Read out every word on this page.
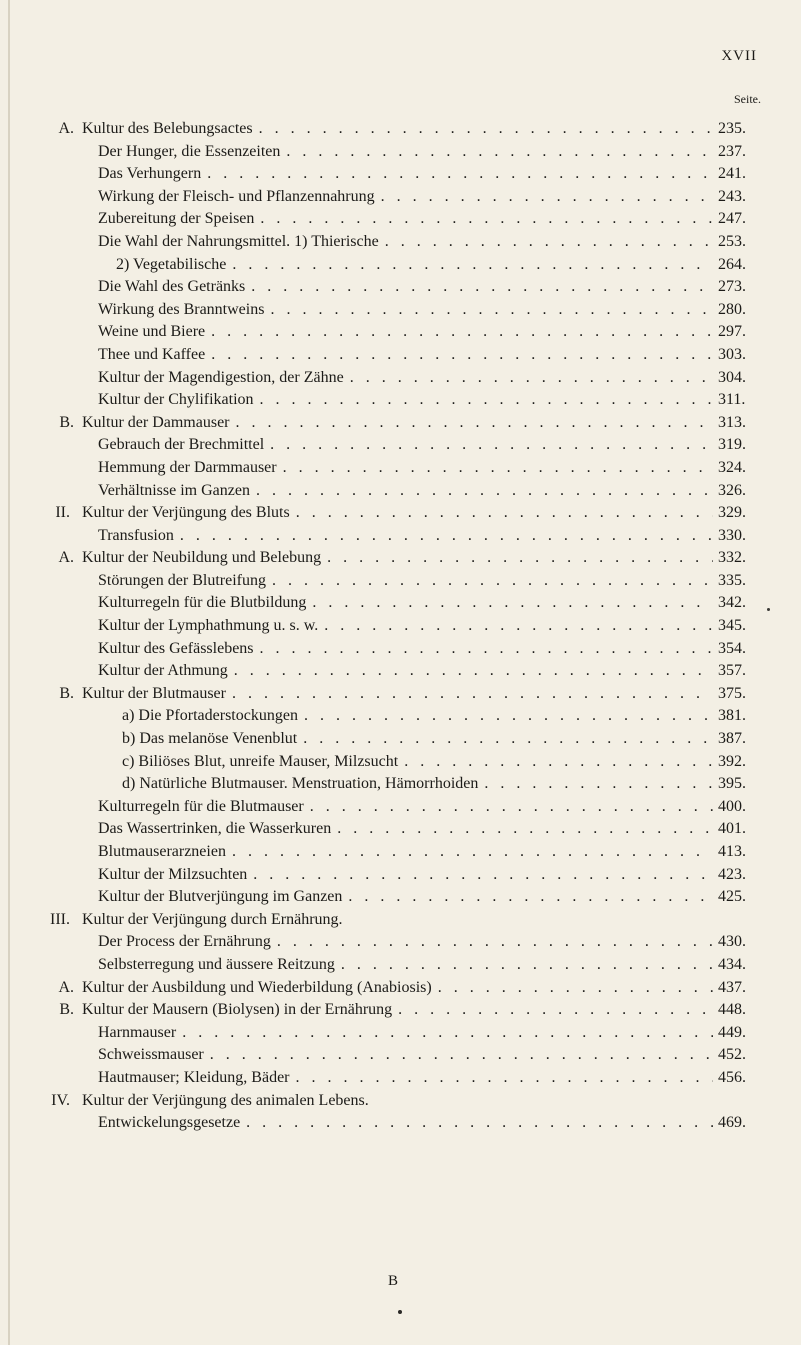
XVII
Seite.
A. Kultur des Belebungsactes . . .	235.
Der Hunger, die Essenzeiten . . .	237.
Das Verhungern . . .	241.
Wirkung der Fleisch- und Pflanzennahrung . . .	243.
Zubereitung der Speisen . . .	247.
Die Wahl der Nahrungsmittel. 1) Thierische . . .	253.
2) Vegetabilische . . .	264.
Die Wahl des Getränks . . .	273.
Wirkung des Branntweins . . .	280.
Weine und Biere . . .	297.
Thee und Kaffee . . .	303.
Kultur der Magendigestion, der Zähne . . .	304.
Kultur der Chylifikation . . .	311.
B. Kultur der Dammauser . . .	313.
Gebrauch der Brechmittel . . .	319.
Hemmung der Darmmauser . . .	324.
Verhältnisse im Ganzen . . .	326.
II. Kultur der Verjüngung des Bluts . . .	329.
Transfusion . . .	330.
A. Kultur der Neubildung und Belebung . . .	332.
Störungen der Blutreifung . . .	335.
Kulturregeln für die Blutbildung . . .	342.
Kultur der Lymphathmung u. s. w. . . .	345.
Kultur des Gefässlebens . . .	354.
Kultur der Athmung . . .	357.
B. Kultur der Blutmauser . . .	375.
a) Die Pfortaderstockungen . . .	381.
b) Das melanöse Venenblut . . .	387.
c) Biliöses Blut, unreife Mauser, Milzsucht . . .	392.
d) Natürliche Blutmauser. Menstruation, Hämorrhoiden . . .	395.
Kulturregeln für die Blutmauser . . .	400.
Das Wassertrinken, die Wasserkuren . . .	401.
Blutmauserarzneien . . .	413.
Kultur der Milzsuchten . . .	423.
Kultur der Blutverjüngung im Ganzen . . .	425.
III. Kultur der Verjüngung durch Ernährung.
Der Process der Ernährung . . .	430.
Selbsterregung und äussere Reitzung . . .	434.
A. Kultur der Ausbildung und Wiederbildung (Anabiosis) . . .	437.
B. Kultur der Mausern (Biolysen) in der Ernährung . . .	448.
Harnmauser . . .	449.
Schweissmauser . . .	452.
Hautmauser; Kleidung, Bäder . . .	456.
IV. Kultur der Verjüngung des animalen Lebens.
Entwickelungsgesetze . . .	469.
B
